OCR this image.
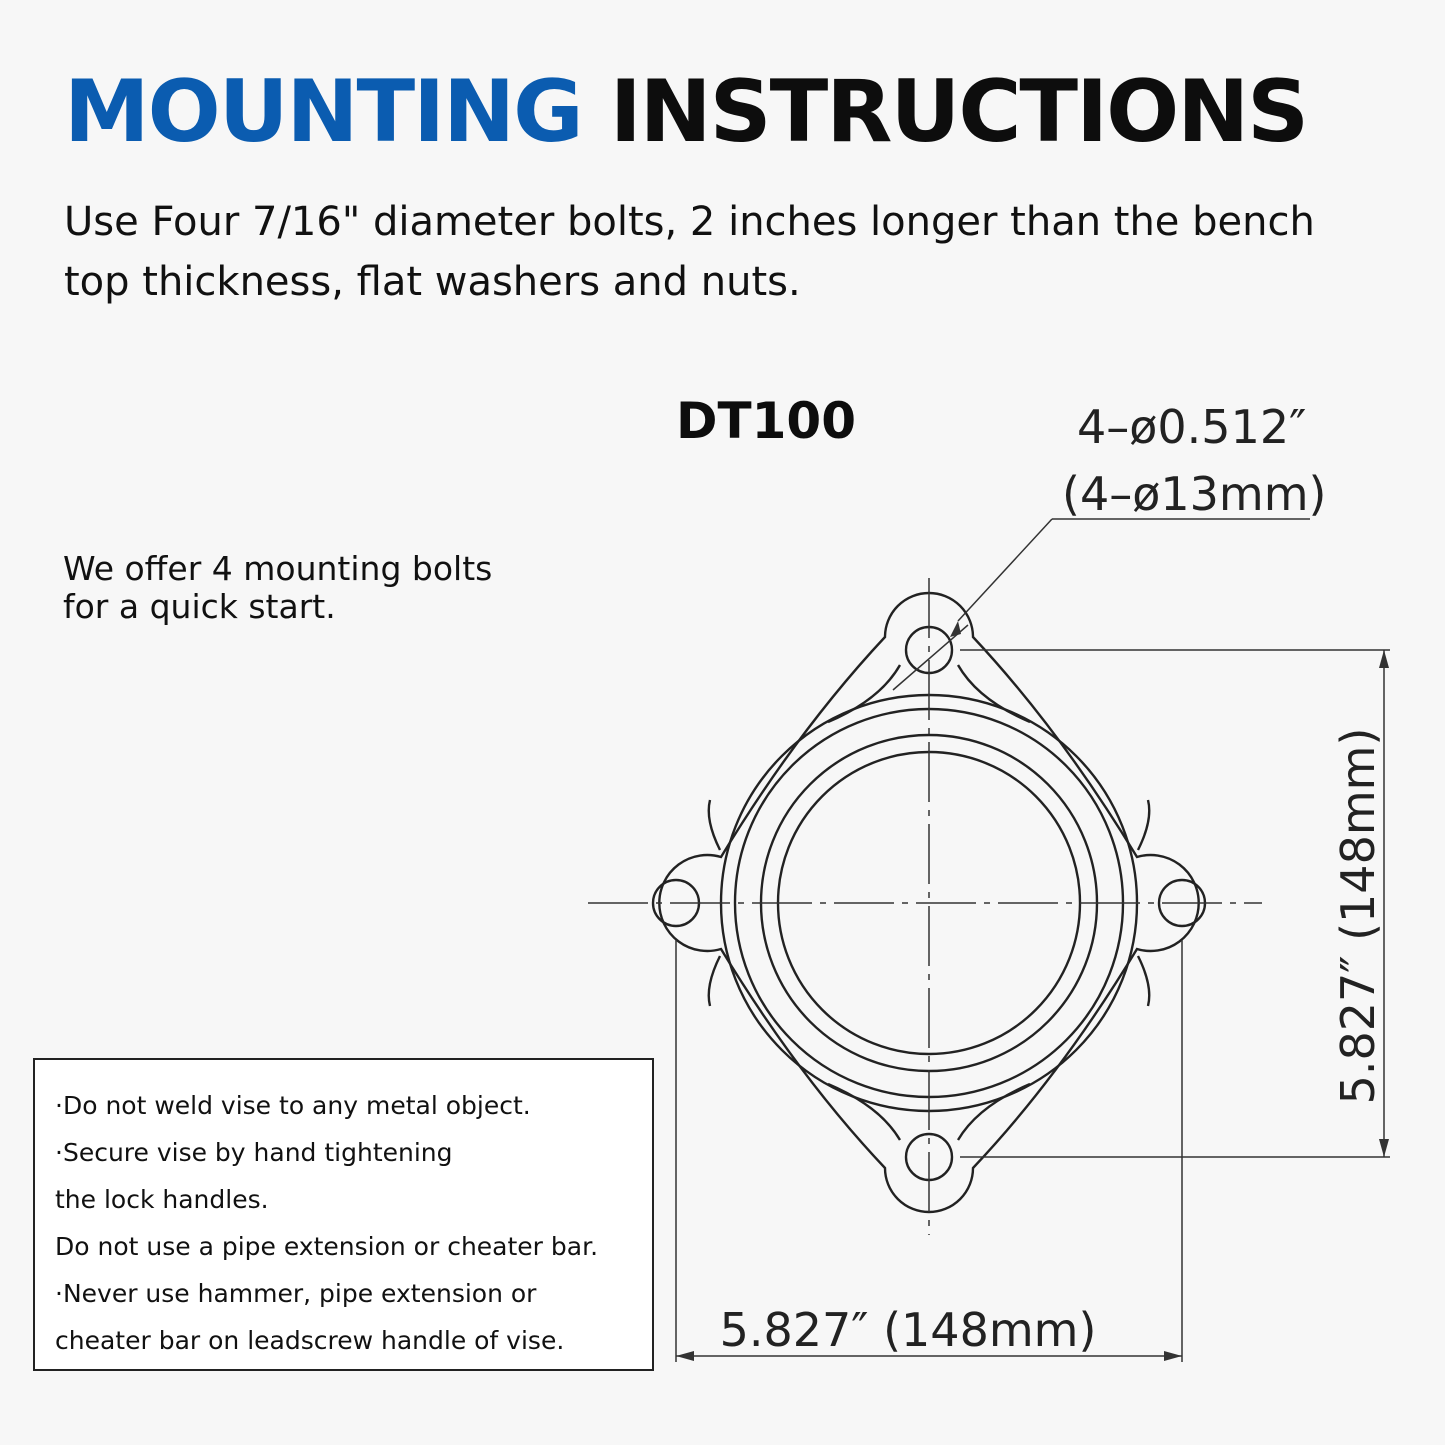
MOUNTING INSTRUCTIONS
Use Four 7/16" diameter bolts, 2 inches longer than the bench
top thickness, flat washers and nuts.
DT100
We offer 4 mounting bolts
for a quick start.
4–ø0.512″
(4–ø13mm)
5.827″ (148mm)
5.827″ (148mm)
·Do not weld vise to any metal object.
·Secure vise by hand tightening
the lock handles.
Do not use a pipe extension or cheater bar.
·Never use hammer, pipe extension or
cheater bar on leadscrew handle of vise.
